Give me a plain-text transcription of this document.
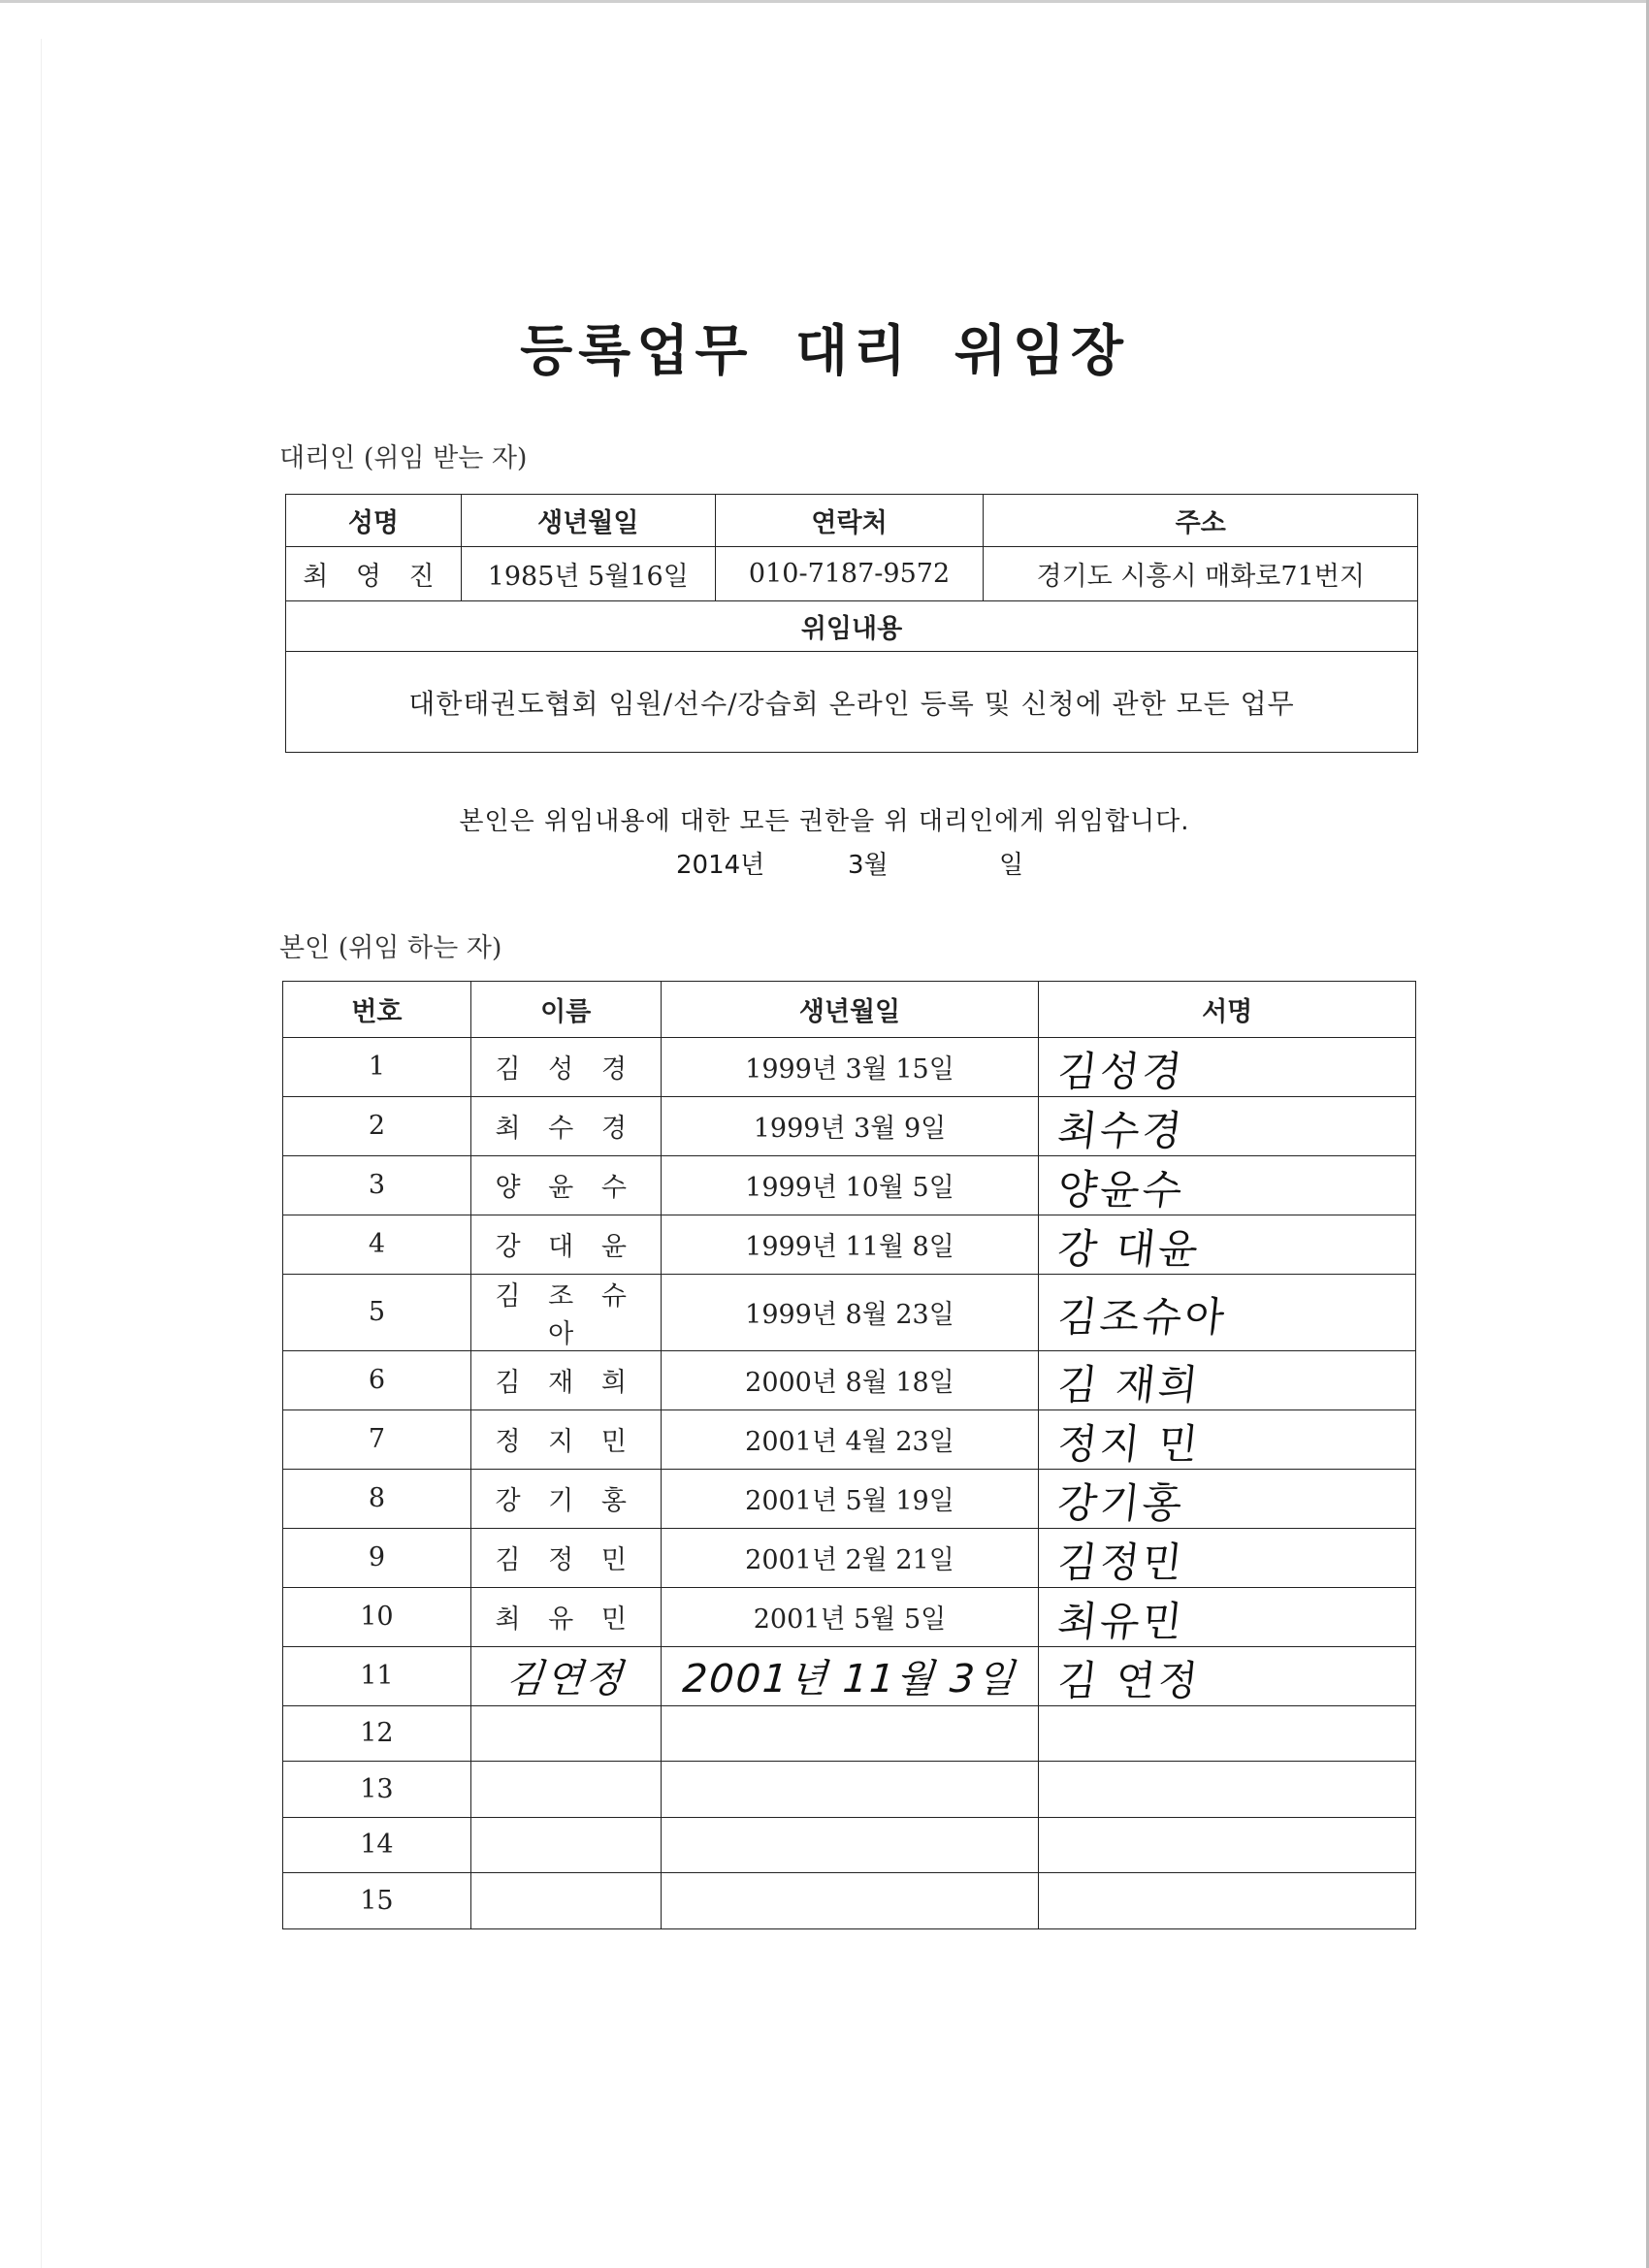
등록업무 대리 위임장
대리인 (위임 받는 자)
성명	생년월일	연락처	주소
최 영 진	1985년 5월16일	010-7187-9572	경기도 시흥시 매화로71번지
위임내용			
대한태권도협회 임원/선수/강습회 온라인 등록 및 신청에 관한 모든 업무			
본인은 위임내용에 대한 모든 권한을 위 대리인에게 위임합니다.
2014년	3월	일
본인 (위임 하는 자)
번호	이름	생년월일	서명
1	김 성 경	1999년 3월 15일	김성경
2	최 수 경	1999년 3월 9일	최수경
3	양 윤 수	1999년 10월 5일	양윤수
4	강 대 윤	1999년 11월 8일	강 대윤
5	김 조 슈 아	1999년 8월 23일	김조슈아
6	김 재 희	2000년 8월 18일	김 재희
7	정 지 민	2001년 4월 23일	정지 민
8	강 기 홍	2001년 5월 19일	강기홍
9	김 정 민	2001년 2월 21일	김정민
10	최 유 민	2001년 5월 5일	최유민
11	김연정	2001년 11월 3일	김 연정
12			
13			
14			
15			
